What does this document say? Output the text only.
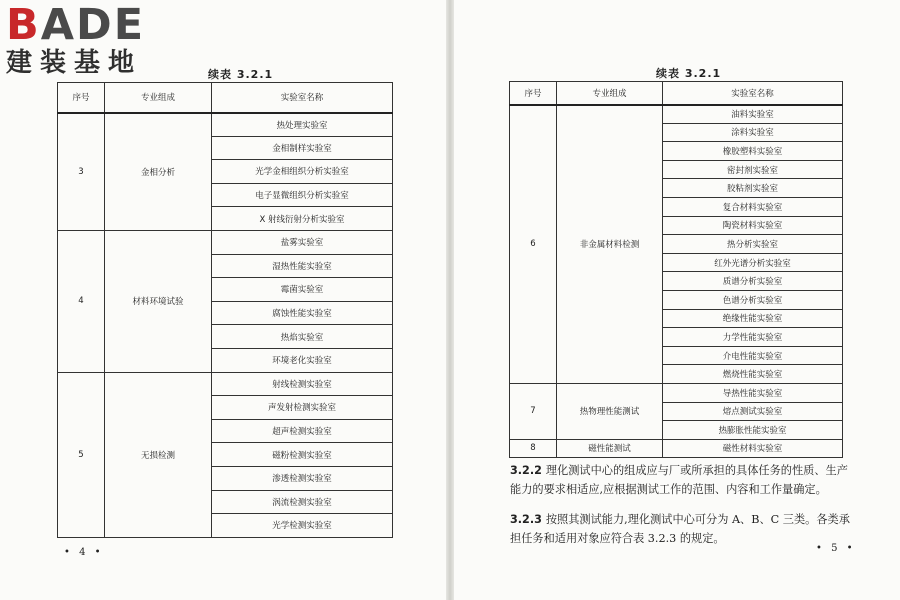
BADE
建装基地	续表 3.2.1
序号	专业组成	实验室名称
3	金相分析	热处理实验室
		金相制样实验室
		光学金相组织分析实验室
		电子显微组织分析实验室
		X 射线衍射分析实验室
4	材料环境试验	盐雾实验室
		湿热性能实验室
		霉菌实验室
		腐蚀性能实验室
		热焰实验室
		环境老化实验室
5	无损检测	射线检测实验室
		声发射检测实验室
		超声检测实验室
		磁粉检测实验室
		渗透检测实验室
		涡流检测实验室
		光学检测实验室
• 4 •
续表 3.2.1
序号	专业组成	实验室名称
6	非金属材料检测	油料实验室
		涂料实验室
		橡胶塑料实验室
		密封剂实验室
		胶粘剂实验室
		复合材料实验室
		陶瓷材料实验室
		热分析实验室
		红外光谱分析实验室
		质谱分析实验室
		色谱分析实验室
		绝缘性能实验室
		力学性能实验室
		介电性能实验室
		燃烧性能实验室
7	热物理性能测试	导热性能实验室
		熔点测试实验室
		热膨胀性能实验室
8	磁性能测试	磁性材料实验室
3.2.2 理化测试中心的组成应与厂或所承担的具体任务的性质、生产能力的要求相适应,应根据测试工作的范围、内容和工作量确定。
3.2.3 按照其测试能力,理化测试中心可分为 A、B、C 三类。各类承担任务和适用对象应符合表 3.2.3 的规定。
• 5 •
